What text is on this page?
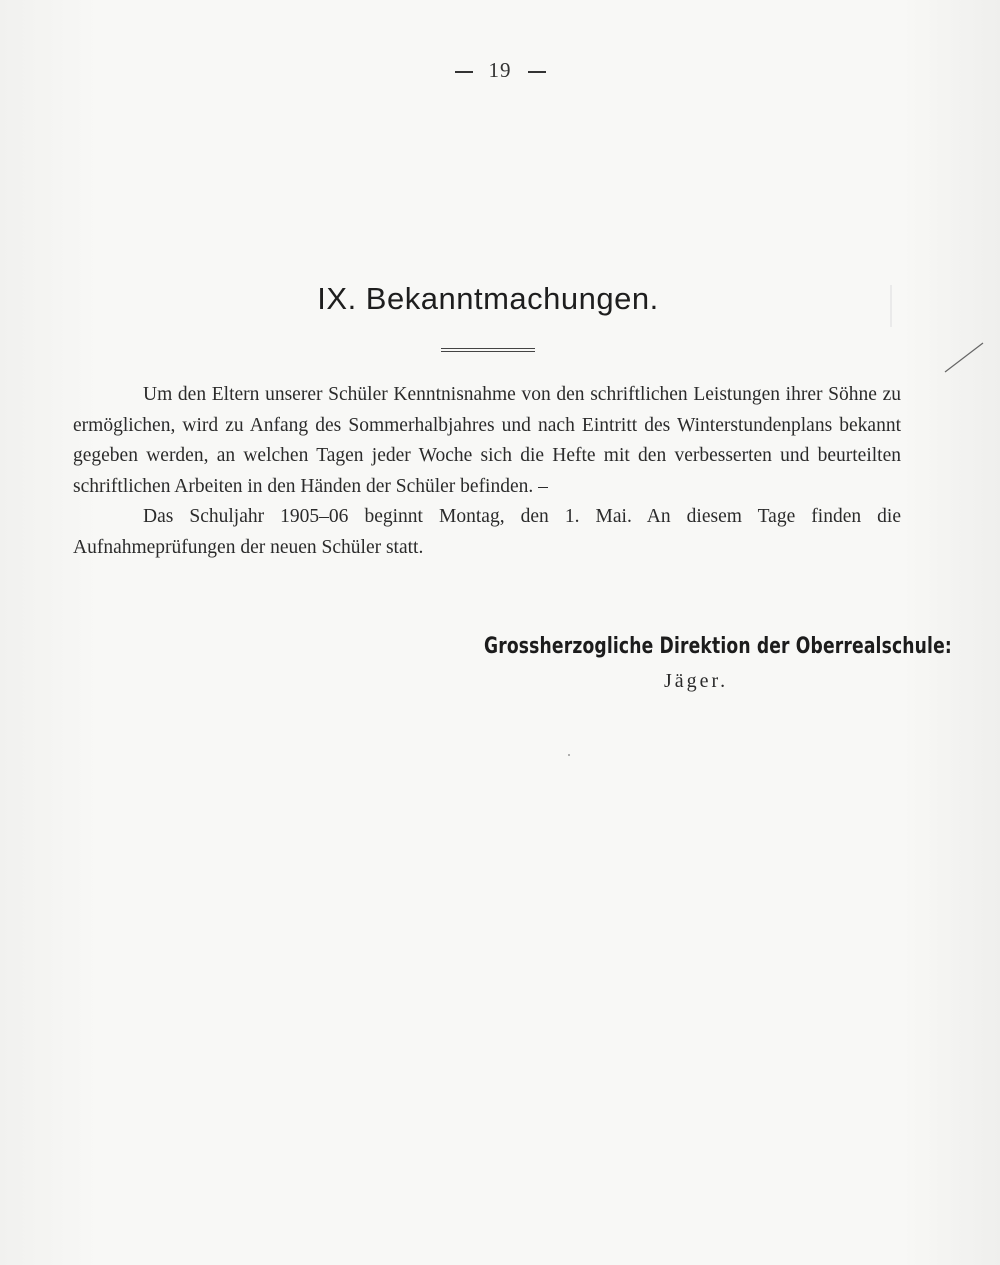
19
IX. Bekanntmachungen.

Um den Eltern unserer Schüler Kenntnisnahme von den schriftlichen Leistungen ihrer Söhne zu ermöglichen, wird zu Anfang des Sommerhalbjahres und nach Eintritt des Winterstundenplans bekannt gegeben werden, an welchen Tagen jeder Woche sich die Hefte mit den verbesserten und beurteilten schriftlichen Arbeiten in den Händen der Schüler befinden. –

Das Schuljahr 1905–06 beginnt Montag, den 1. Mai. An diesem Tage finden die Aufnahmeprüfungen der neuen Schüler statt.

Grossherzogliche Direktion der Oberrealschule:
Jäger.
